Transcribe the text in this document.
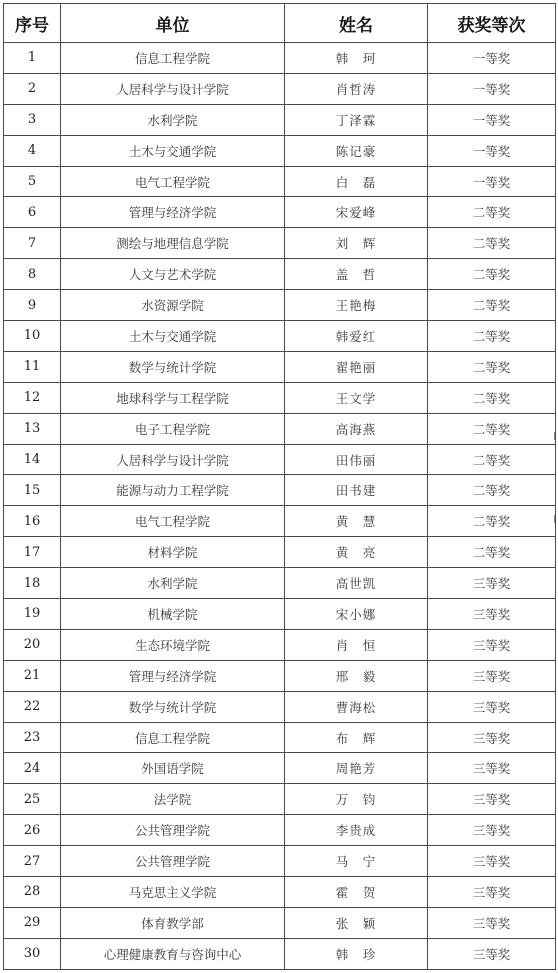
序号	单位	姓名	获奖等次
1	信息工程学院	韩　珂	一等奖
2	人居科学与设计学院	肖哲涛	一等奖
3	水利学院	丁泽霖	一等奖
4	土木与交通学院	陈记豪	一等奖
5	电气工程学院	白　磊	一等奖
6	管理与经济学院	宋爱峰	二等奖
7	测绘与地理信息学院	刘　辉	二等奖
8	人文与艺术学院	盖　哲	二等奖
9	水资源学院	王艳梅	二等奖
10	土木与交通学院	韩爱红	二等奖
11	数学与统计学院	翟艳丽	二等奖
12	地球科学与工程学院	王文学	二等奖
13	电子工程学院	高海燕	二等奖
14	人居科学与设计学院	田伟丽	二等奖
15	能源与动力工程学院	田书建	二等奖
16	电气工程学院	黄　慧	二等奖
17	材料学院	黄　亮	二等奖
18	水利学院	高世凯	三等奖
19	机械学院	宋小娜	三等奖
20	生态环境学院	肖　恒	三等奖
21	管理与经济学院	邢　毅	三等奖
22	数学与统计学院	曹海松	三等奖
23	信息工程学院	布　辉	三等奖
24	外国语学院	周艳芳	三等奖
25	法学院	万　钧	三等奖
26	公共管理学院	李贵成	三等奖
27	公共管理学院	马　宁	三等奖
28	马克思主义学院	霍　贺	三等奖
29	体育教学部	张　颖	三等奖
30	心理健康教育与咨询中心	韩　珍	三等奖
